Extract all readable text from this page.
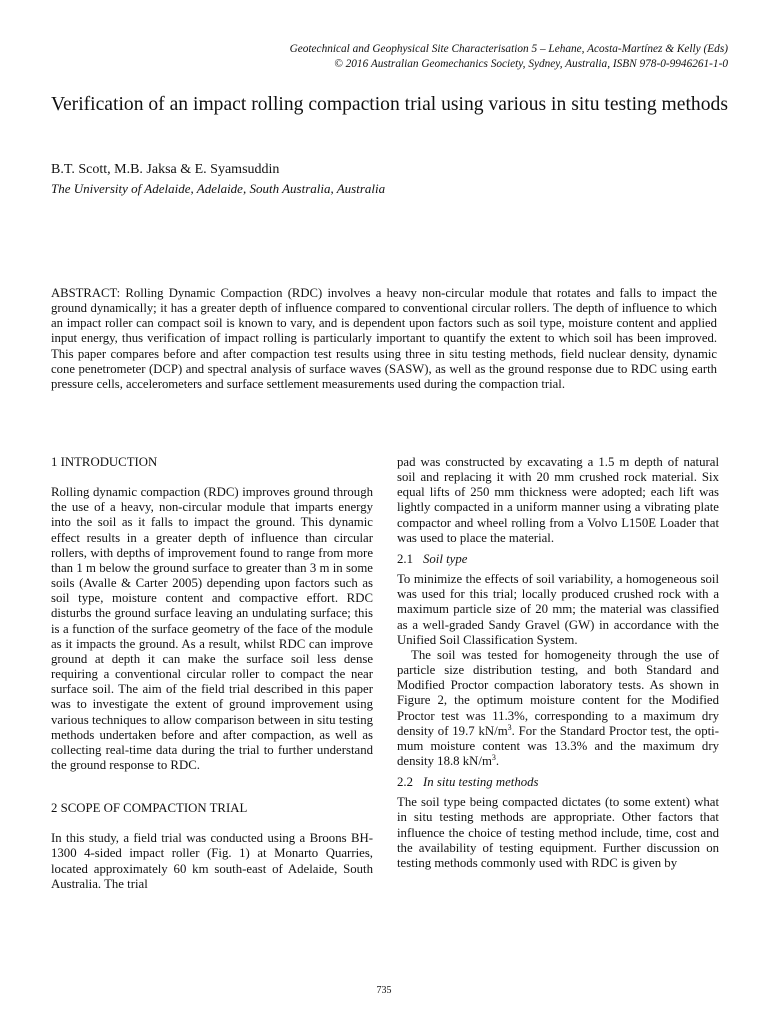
Geotechnical and Geophysical Site Characterisation 5 – Lehane, Acosta-Martínez & Kelly (Eds)
© 2016 Australian Geomechanics Society, Sydney, Australia, ISBN 978-0-9946261-1-0
Verification of an impact rolling compaction trial using various in situ testing methods
B.T. Scott, M.B. Jaksa & E. Syamsuddin
The University of Adelaide, Adelaide, South Australia, Australia
ABSTRACT: Rolling Dynamic Compaction (RDC) involves a heavy non-circular module that rotates and falls to impact the ground dynamically; it has a greater depth of influence compared to conventional circular rollers. The depth of influence to which an impact roller can compact soil is known to vary, and is dependent upon factors such as soil type, moisture content and applied input energy, thus verification of impact rolling is particularly important to quantify the extent to which soil has been improved. This paper compares before and after compaction test results using three in situ testing methods, field nuclear density, dynamic cone penetrometer (DCP) and spectral analysis of surface waves (SASW), as well as the ground response due to RDC using earth pressure cells, accelerometers and surface settlement measurements used during the compaction trial.
1 INTRODUCTION

Rolling dynamic compaction (RDC) improves ground through the use of a heavy, non-circular module that imparts energy into the soil as it falls to impact the ground. This dynamic effect results in a greater depth of influence than circular rollers, with depths of improvement found to range from more than 1 m below the ground surface to greater than 3 m in some soils (Avalle & Carter 2005) depending upon factors such as soil type, moisture content and compactive effort. RDC disturbs the ground surface leaving an undulating surface; this is a function of the surface geometry of the face of the module as it impacts the ground. As a result, whilst RDC can improve ground at depth it can make the surface soil less dense requiring a conventional circular roller to compact the near surface soil. The aim of the field trial described in this paper was to investigate the extent of ground improvement using various techniques to allow comparison between in situ testing methods undertaken before and after compaction, as well as collecting real-time data during the trial to further understand the ground response to RDC.

2 SCOPE OF COMPACTION TRIAL

In this study, a field trial was conducted using a Broons BH-1300 4-sided impact roller (Fig. 1) at Monarto Quarries, located approximately 60 km south-east of Adelaide, South Australia. The trial

pad was constructed by excavating a 1.5 m depth of natural soil and replacing it with 20 mm crushed rock material. Six equal lifts of 250 mm thickness were adopted; each lift was lightly compacted in a uniform manner using a vibrating plate compactor and wheel rolling from a Volvo L150E Loader that was used to place the material.

2.1 Soil type

To minimize the effects of soil variability, a homogeneous soil was used for this trial; locally produced crushed rock with a maximum particle size of 20 mm; the material was classified as a well-graded Sandy Gravel (GW) in accordance with the Unified Soil Classification System.

The soil was tested for homogeneity through the use of particle size distribution testing, and both Standard and Modified Proctor compaction laboratory tests. As shown in Figure 2, the optimum moisture content for the Modified Proctor test was 11.3%, corresponding to a maximum dry density of 19.7 $kN/m^3$. For the Standard Proctor test, the optimum moisture content was 13.3% and the maximum dry density 18.8 $kN/m^3$.

2.2 In situ testing methods

The soil type being compacted dictates (to some extent) what in situ testing methods are appropriate. Other factors that influence the choice of testing method include, time, cost and the availability of testing equipment. Further discussion on testing methods commonly used with RDC is given by

735
